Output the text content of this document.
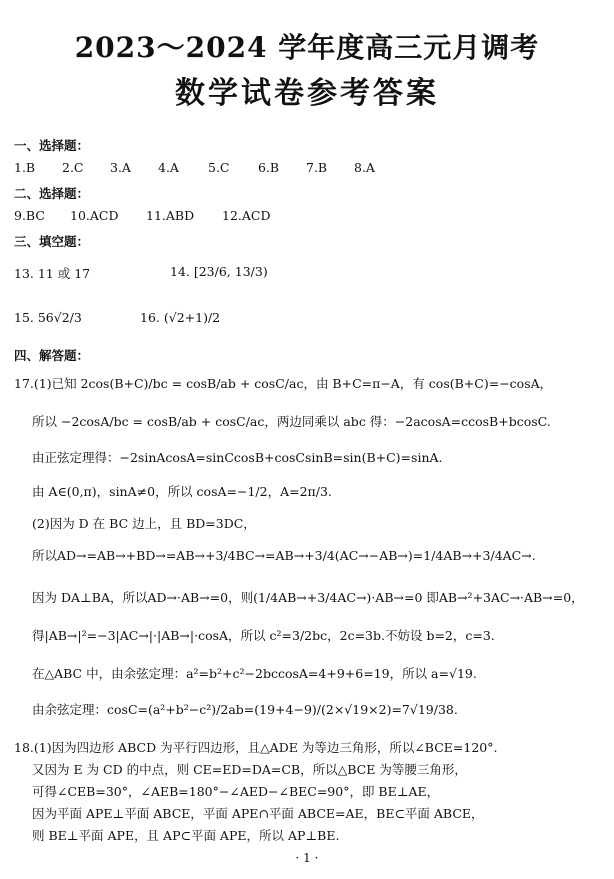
2023～2024 学年度高三元月调考
数学试卷参考答案
一、选择题：
1.B 2.C 3.A 4.A 5.C 6.B 7.B 8.A
二、选择题：
9.BC 10.ACD 11.ABD 12.ACD
三、填空题：
13. 11 或 17	14. [23/6, 13/3)
15. 56√2/3	16. (√2+1)/2
四、解答题：
17.(1)已知 2cos(B+C)/bc = cosB/ab + cosC/ac，由 B+C=π−A，有 cos(B+C)=−cosA，
所以 −2cosA/bc = cosB/ab + cosC/ac，两边同乘以 abc 得：−2acosA=ccosB+bcosC.
由正弦定理得：−2sinAcosA=sinCcosB+cosCsinB=sin(B+C)=sinA.
由 A∈(0,π)，sinA≠0，所以 cosA=−1/2，A=2π/3.
(2)因为 D 在 BC 边上，且 BD=3DC，
所以AD→=AB→+BD→=AB→+3/4BC→=AB→+3/4(AC→−AB→)=1/4AB→+3/4AC→.
因为 DA⊥BA，所以AD→·AB→=0，则(1/4AB→+3/4AC→)·AB→=0 即AB→²+3AC→·AB→=0，
得|AB→|²=−3|AC→|·|AB→|·cosA，所以 c²=3/2bc，2c=3b.不妨设 b=2，c=3.
在△ABC 中，由余弦定理：a²=b²+c²−2bccosA=4+9+6=19，所以 a=√19.
由余弦定理：cosC=(a²+b²−c²)/2ab=(19+4−9)/(2×√19×2)=7√19/38.
18.(1)因为四边形 ABCD 为平行四边形，且△ADE 为等边三角形，所以∠BCE=120°.
又因为 E 为 CD 的中点，则 CE=ED=DA=CB，所以△BCE 为等腰三角形，
可得∠CEB=30°，∠AEB=180°−∠AED−∠BEC=90°，即 BE⊥AE，
因为平面 APE⊥平面 ABCE，平面 APE∩平面 ABCE=AE，BE⊂平面 ABCE，
则 BE⊥平面 APE，且 AP⊂平面 APE，所以 AP⊥BE.
· 1 ·
